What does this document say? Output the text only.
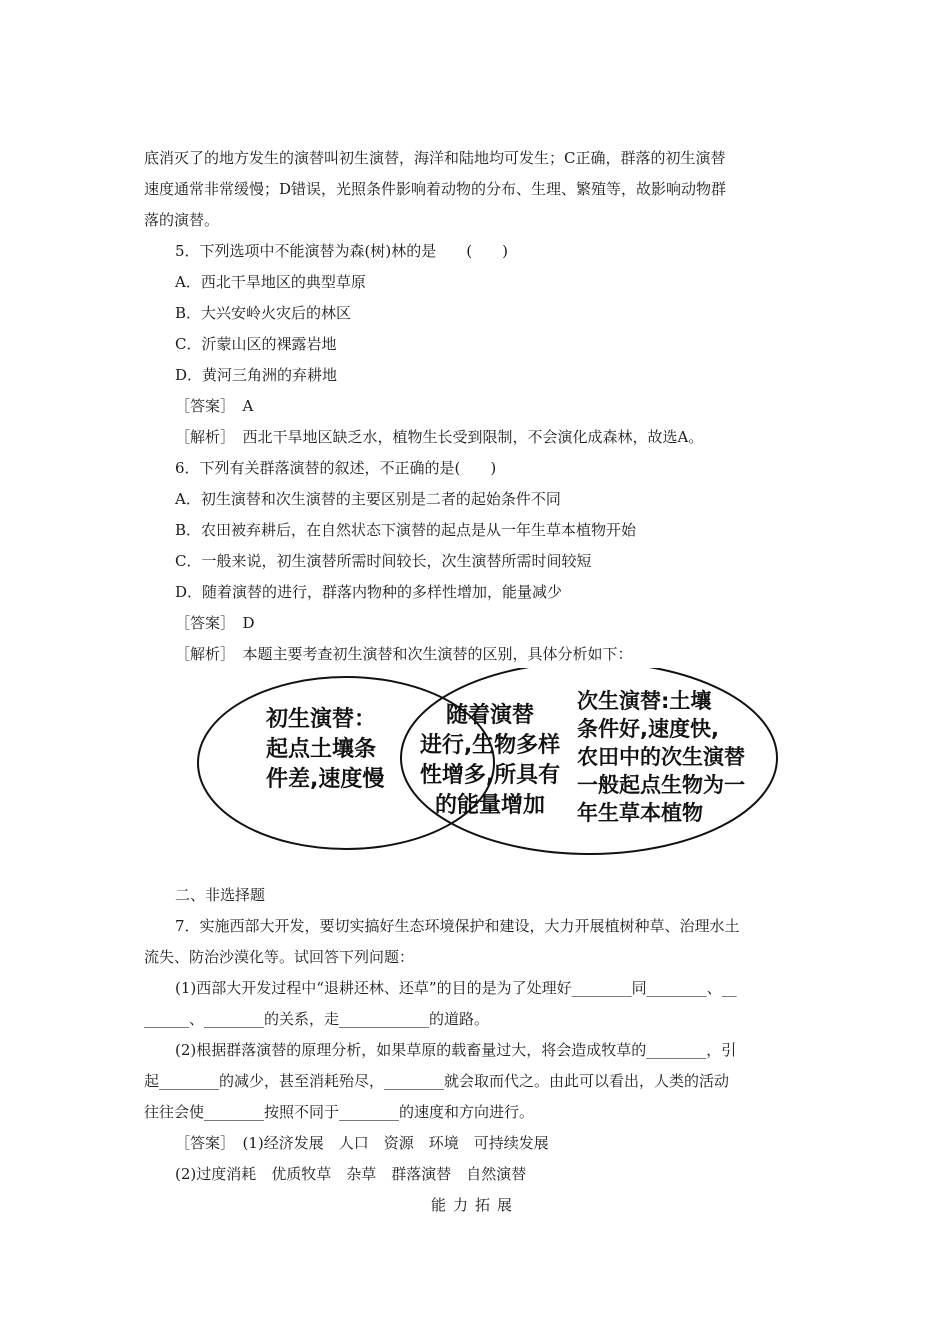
底消灭了的地方发生的演替叫初生演替，海洋和陆地均可发生；C正确，群落的初生演替
速度通常非常缓慢；D错误，光照条件影响着动物的分布、生理、繁殖等，故影响动物群
落的演替。
5．下列选项中不能演替为森(树)林的是　　(　　)
A．西北干旱地区的典型草原
B．大兴安岭火灾后的林区
C．沂蒙山区的裸露岩地
D．黄河三角洲的弃耕地
［答案］　A
［解析］　西北干旱地区缺乏水，植物生长受到限制，不会演化成森林，故选A。
6．下列有关群落演替的叙述，不正确的是(　　)
A．初生演替和次生演替的主要区别是二者的起始条件不同
B．农田被弃耕后，在自然状态下演替的起点是从一年生草本植物开始
C．一般来说，初生演替所需时间较长，次生演替所需时间较短
D．随着演替的进行，群落内物种的多样性增加，能量减少
［答案］　D
［解析］　本题主要考查初生演替和次生演替的区别，具体分析如下：
初生演替：
起点土壤条
件差,速度慢
随着演替
进行,生物多样
性增多,所具有
的能量增加
次生演替:土壤
条件好,速度快,
农田中的次生演替
一般起点生物为一
年生草本植物
二、非选择题
7．实施西部大开发，要切实搞好生态环境保护和建设，大力开展植树种草、治理水土
流失、防治沙漠化等。试回答下列问题：
(1)西部大开发过程中“退耕还林、还草”的目的是为了处理好________同________、__
______、________的关系，走____________的道路。
(2)根据群落演替的原理分析，如果草原的载畜量过大，将会造成牧草的________，引
起________的减少，甚至消耗殆尽，________就会取而代之。由此可以看出，人类的活动
往往会使________按照不同于________的速度和方向进行。
［答案］　(1)经济发展　人口　资源　环境　可持续发展
(2)过度消耗　优质牧草　杂草　群落演替　自然演替
能力拓展
